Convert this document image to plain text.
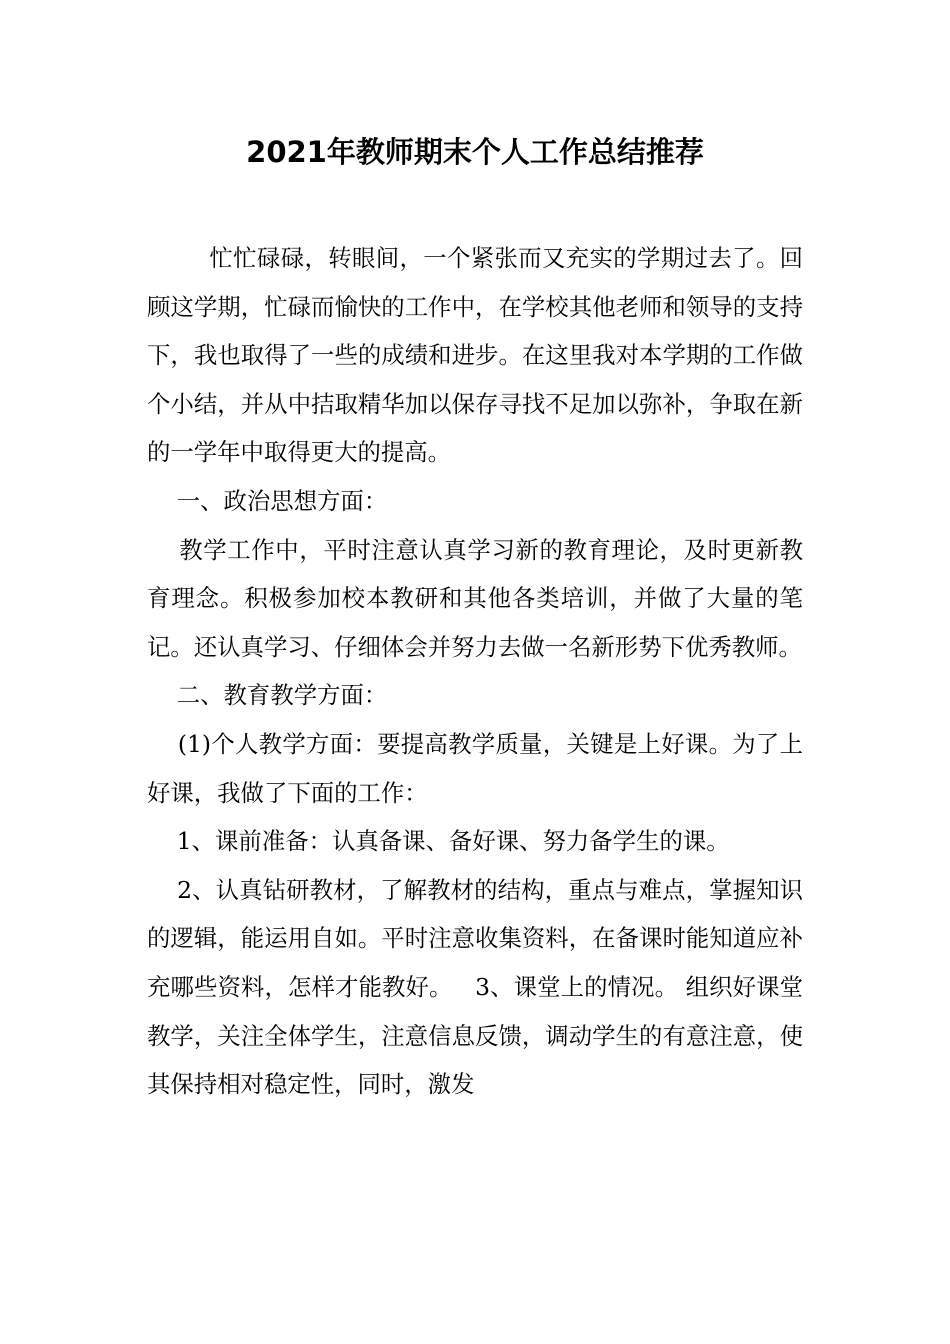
2021年教师期末个人工作总结推荐

忙忙碌碌，转眼间，一个紧张而又充实的学期过去了。回顾这学期，忙碌而愉快的工作中，在学校其他老师和领导的支持下，我也取得了一些的成绩和进步。在这里我对本学期的工作做个小结，并从中拮取精华加以保存寻找不足加以弥补，争取在新的一学年中取得更大的提高。

一、政治思想方面：

教学工作中，平时注意认真学习新的教育理论，及时更新教育理念。积极参加校本教研和其他各类培训，并做了大量的笔记。还认真学习、仔细体会并努力去做一名新形势下优秀教师。

二、教育教学方面：

(1)个人教学方面：要提高教学质量，关键是上好课。为了上好课，我做了下面的工作：

1、课前准备：认真备课、备好课、努力备学生的课。

2、认真钻研教材，了解教材的结构，重点与难点，掌握知识的逻辑，能运用自如。平时注意收集资料，在备课时能知道应补充哪些资料，怎样才能教好。   3、课堂上的情况。 组织好课堂教学，关注全体学生，注意信息反馈，调动学生的有意注意，使其保持相对稳定性，同时，激发
